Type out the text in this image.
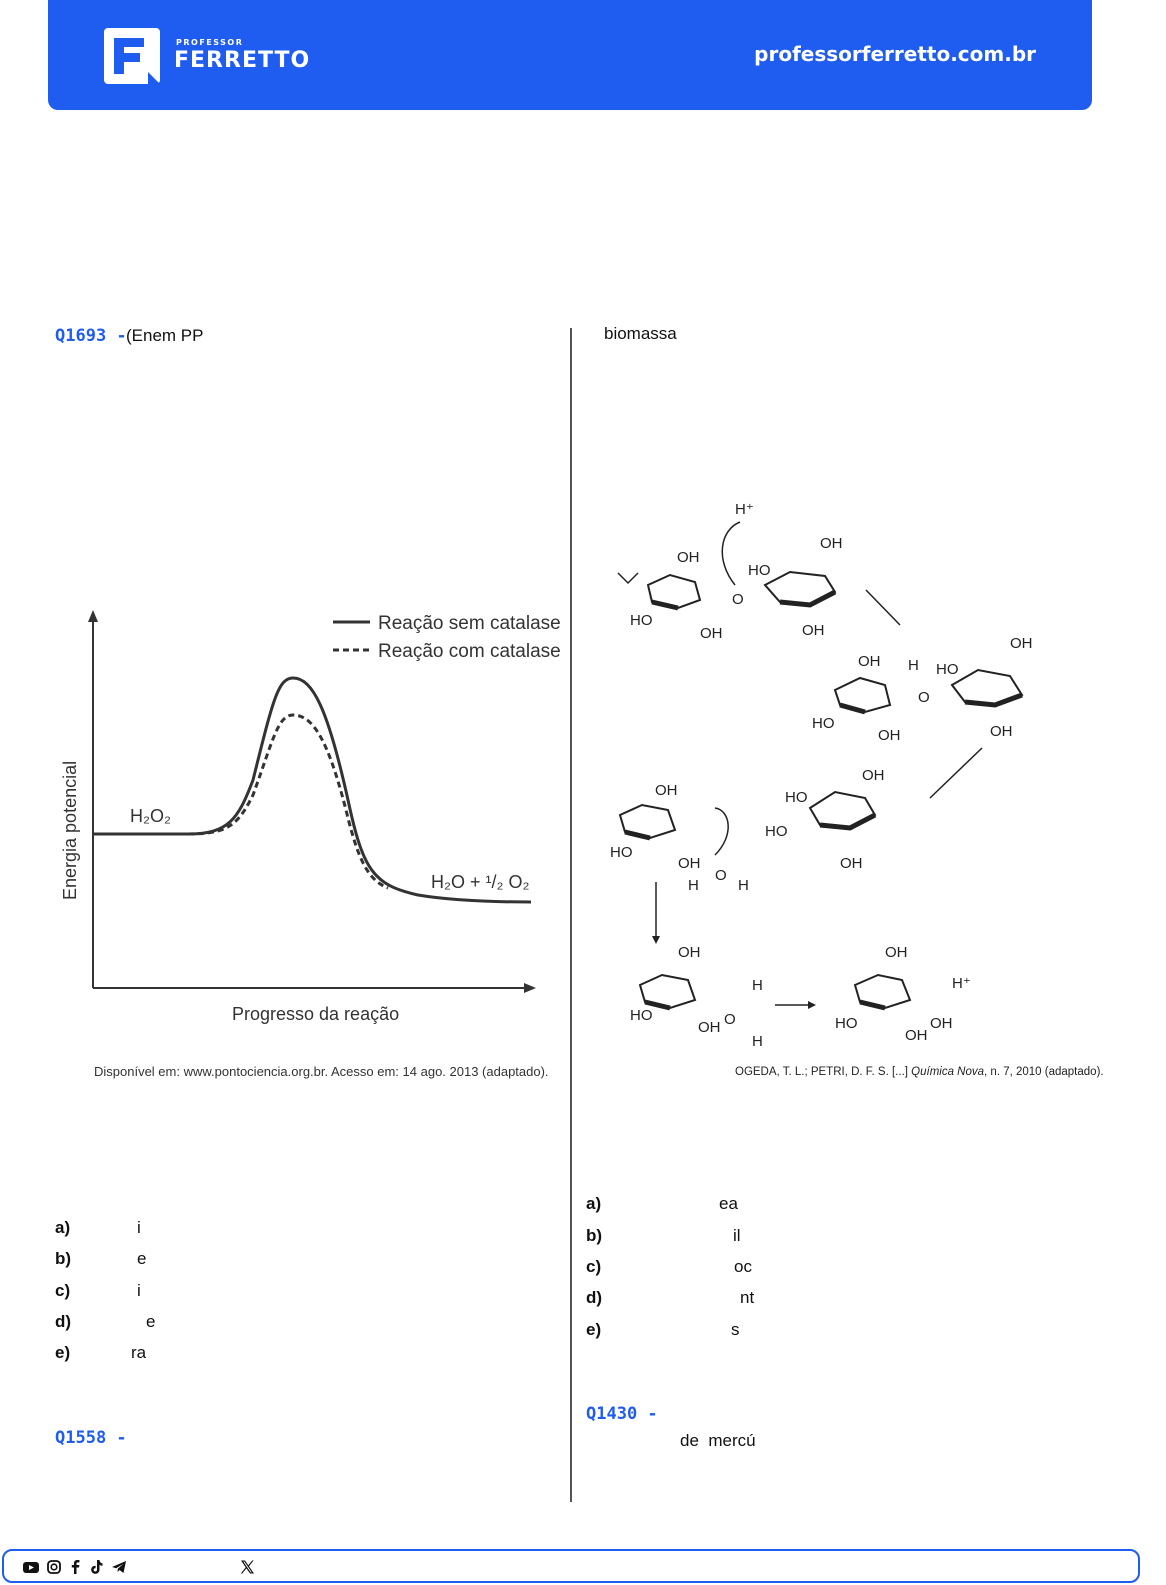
PROFESSOR
FERRETTO	professorferretto.com.br
Q1693 - (Enem PP
Reação sem catalase
Reação com catalase
H₂O₂
H₂O + ¹/₂ O₂
Energia potencial
Progresso da reação
Disponível em: www.pontociencia.org.br. Acesso em: 14 ago. 2013 (adaptado).
a)	i
b)	e
c)	i
d)	e
e)	ra
Q1558 -
biomassa
OH
HO
OH
O
H⁺
OH
HO
OH
OH
HO
OH
H
O
OH
HO
OH
OH
HO
OH
H
O
H
OH
HO
HO
OH
OH
HO
OH O
H
H
OH
HO
OH
OH
H⁺
OGEDA, T. L.; PETRI, D. F. S. [...] Química Nova, n. 7, 2010 (adaptado).
a)	ea
b)	il
c)	oc
d)	nt
e)	s
Q1430 -
de  mercú
